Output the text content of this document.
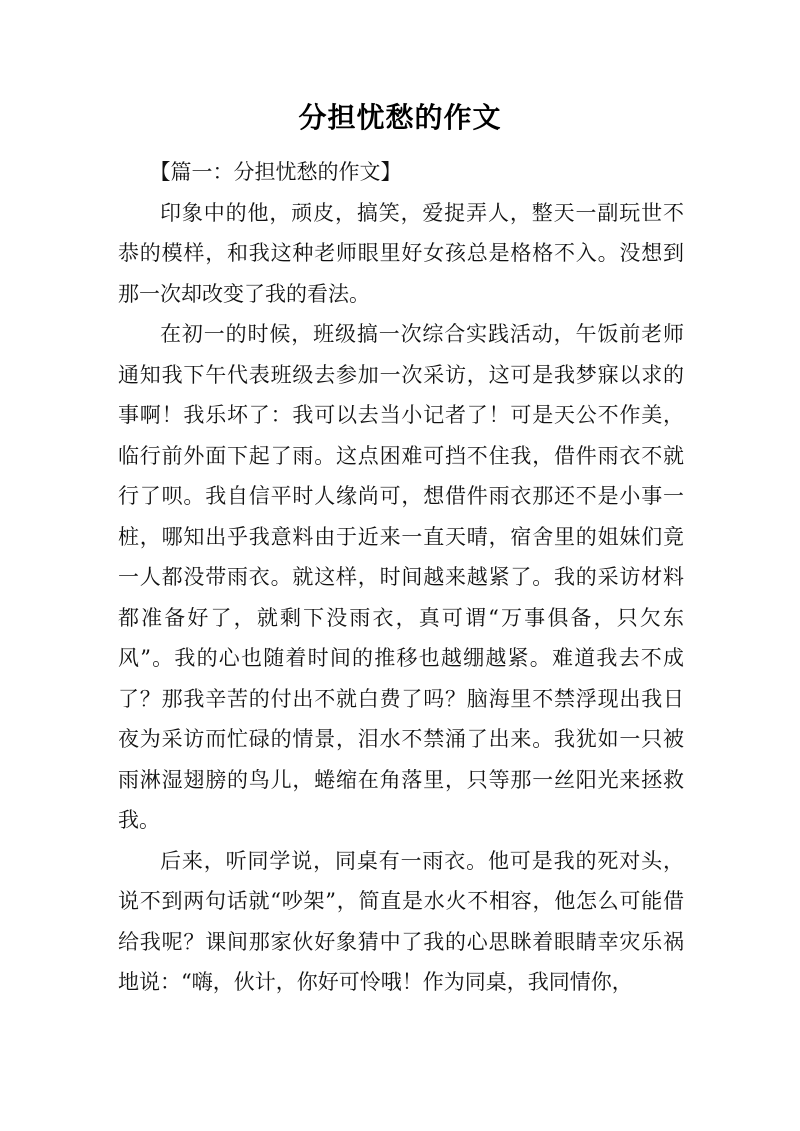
分担忧愁的作文

【篇一：分担忧愁的作文】

印象中的他，顽皮，搞笑，爱捉弄人，整天一副玩世不恭的模样，和我这种老师眼里好女孩总是格格不入。没想到那一次却改变了我的看法。

在初一的时候，班级搞一次综合实践活动，午饭前老师通知我下午代表班级去参加一次采访，这可是我梦寐以求的事啊！我乐坏了：我可以去当小记者了！可是天公不作美，临行前外面下起了雨。这点困难可挡不住我，借件雨衣不就行了呗。我自信平时人缘尚可，想借件雨衣那还不是小事一桩，哪知出乎我意料由于近来一直天晴，宿舍里的姐妹们竟一人都没带雨衣。就这样，时间越来越紧了。我的采访材料都准备好了，就剩下没雨衣，真可谓“万事俱备，只欠东风”。我的心也随着时间的推移也越绷越紧。难道我去不成了？那我辛苦的付出不就白费了吗？脑海里不禁浮现出我日夜为采访而忙碌的情景，泪水不禁涌了出来。我犹如一只被雨淋湿翅膀的鸟儿，蜷缩在角落里，只等那一丝阳光来拯救我。

后来，听同学说，同桌有一雨衣。他可是我的死对头，说不到两句话就“吵架”，简直是水火不相容，他怎么可能借给我呢？课间那家伙好象猜中了我的心思眯着眼睛幸灾乐祸地说：“嗨，伙计，你好可怜哦！作为同桌，我同情你，
